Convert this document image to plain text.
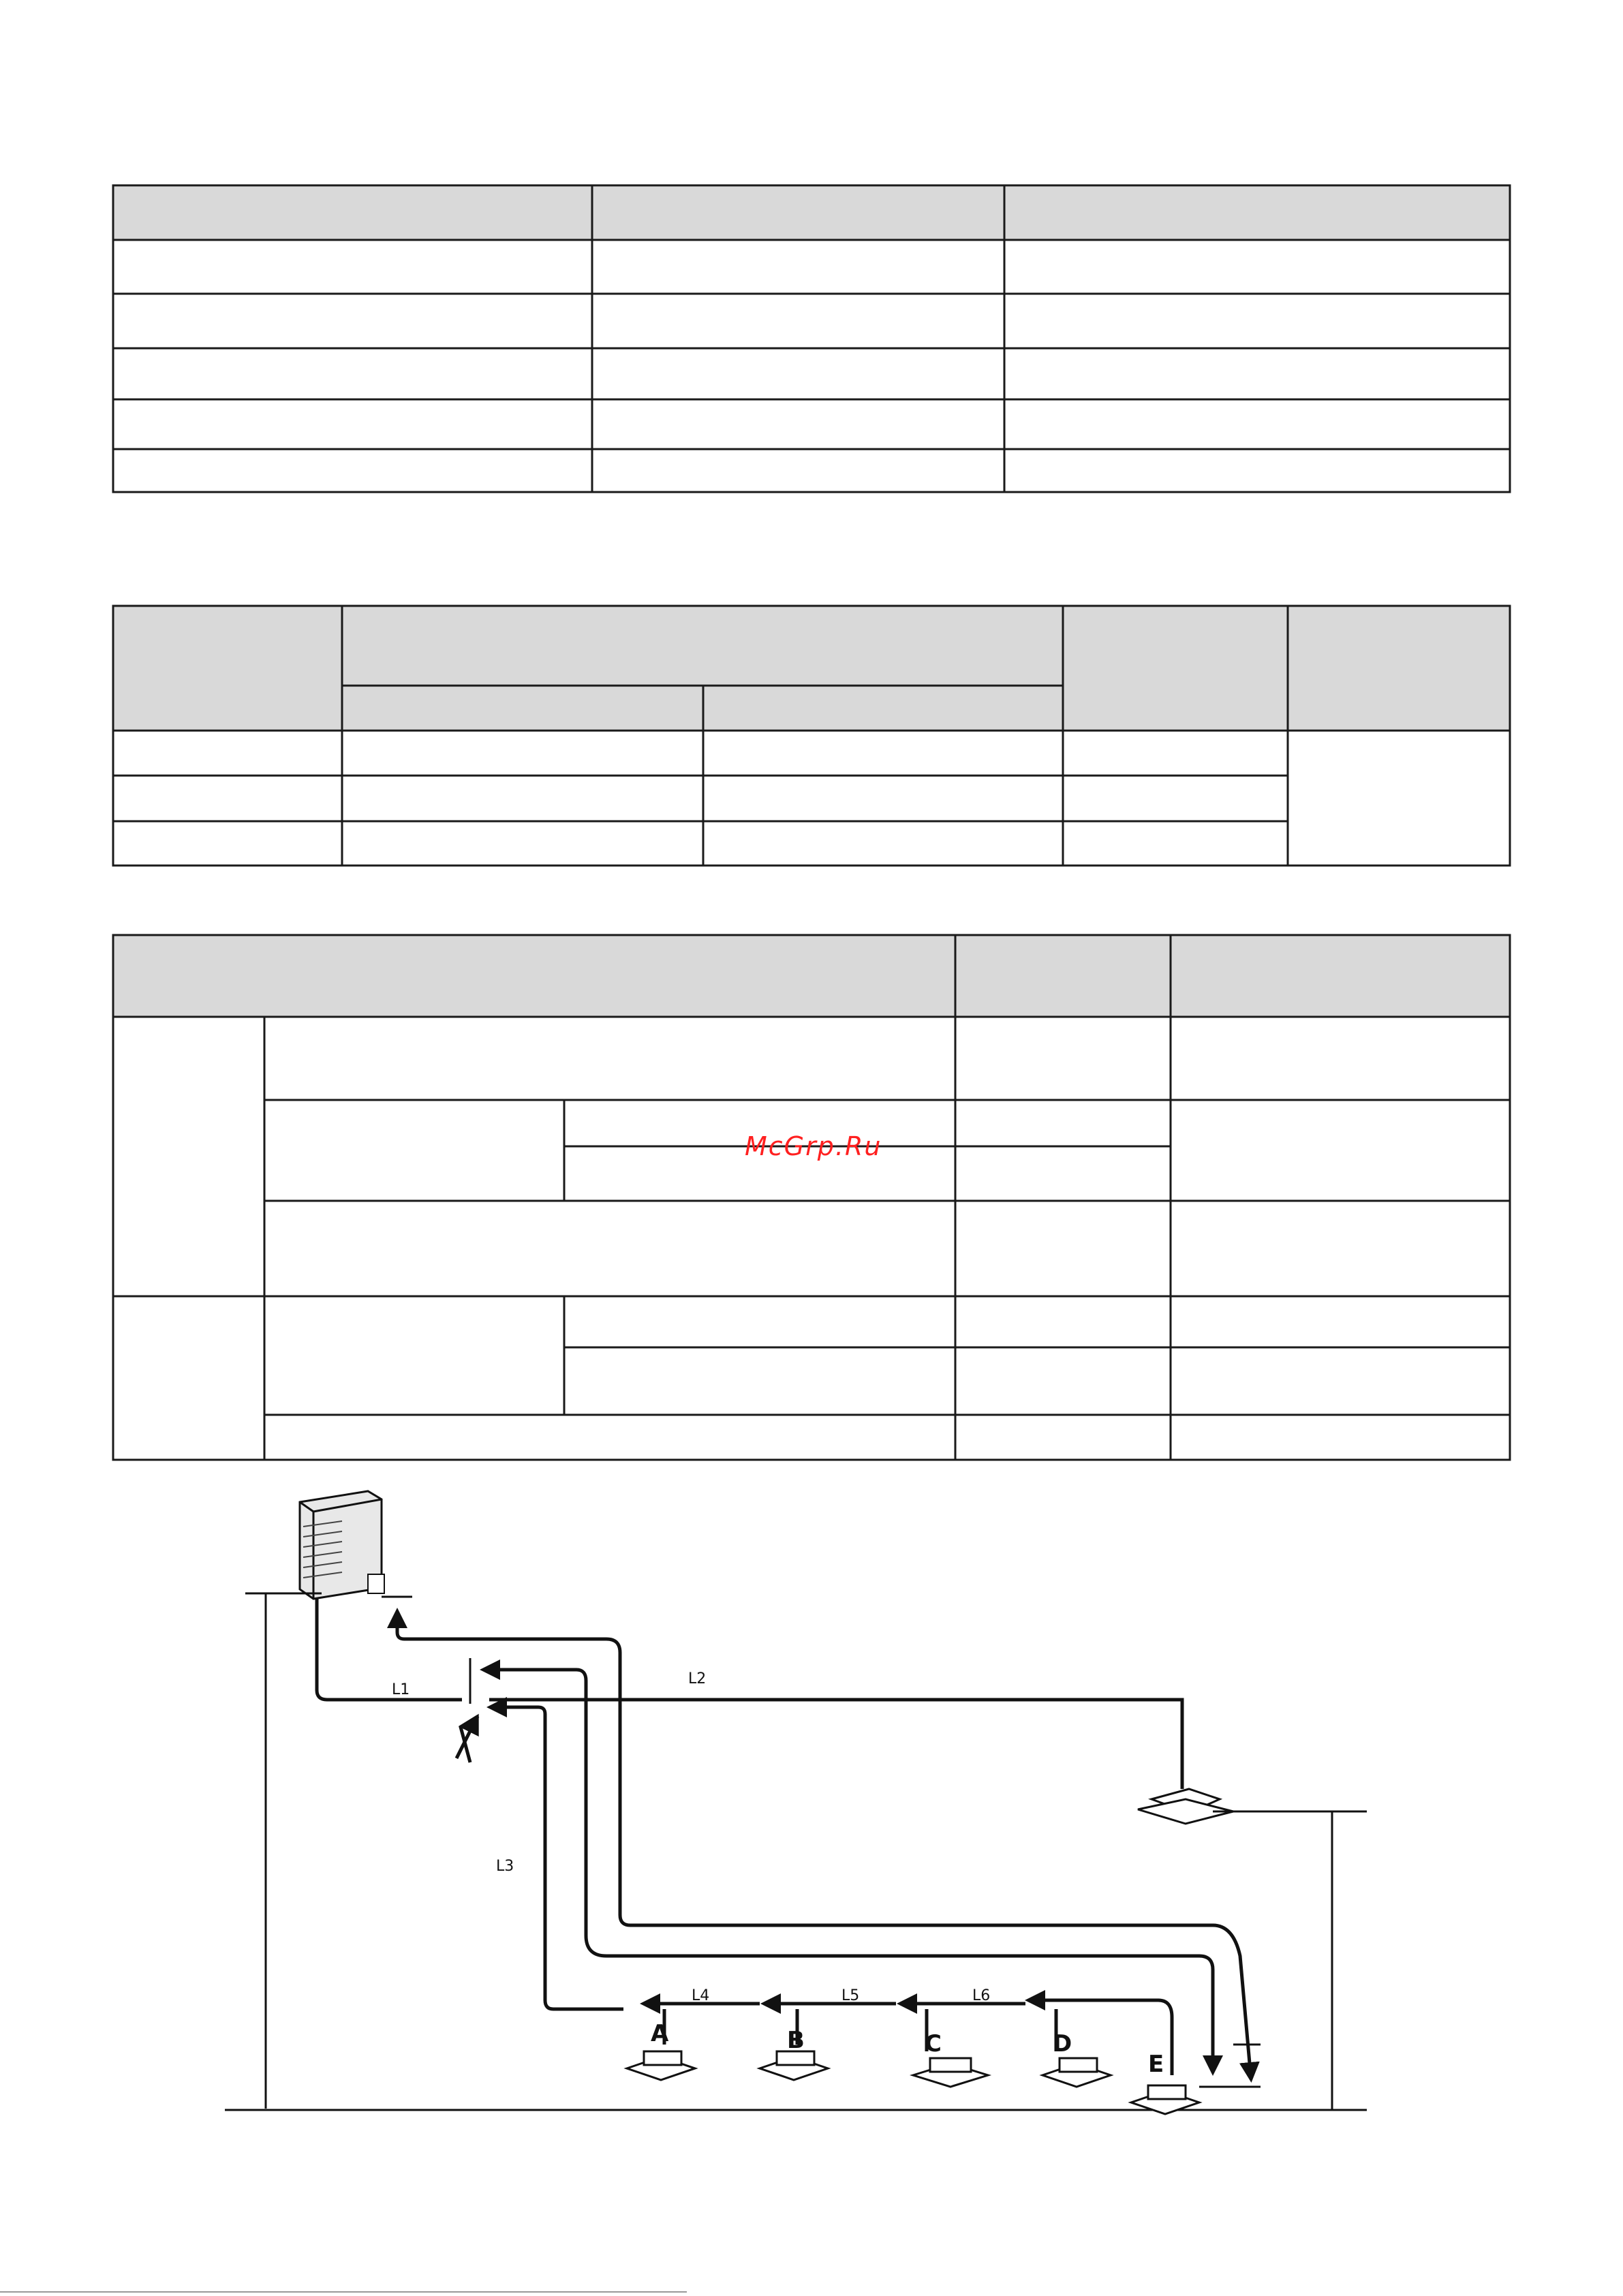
McGrp.Ru
L1
L2
L3
L4	L5	L6
A	B	C	D
E
